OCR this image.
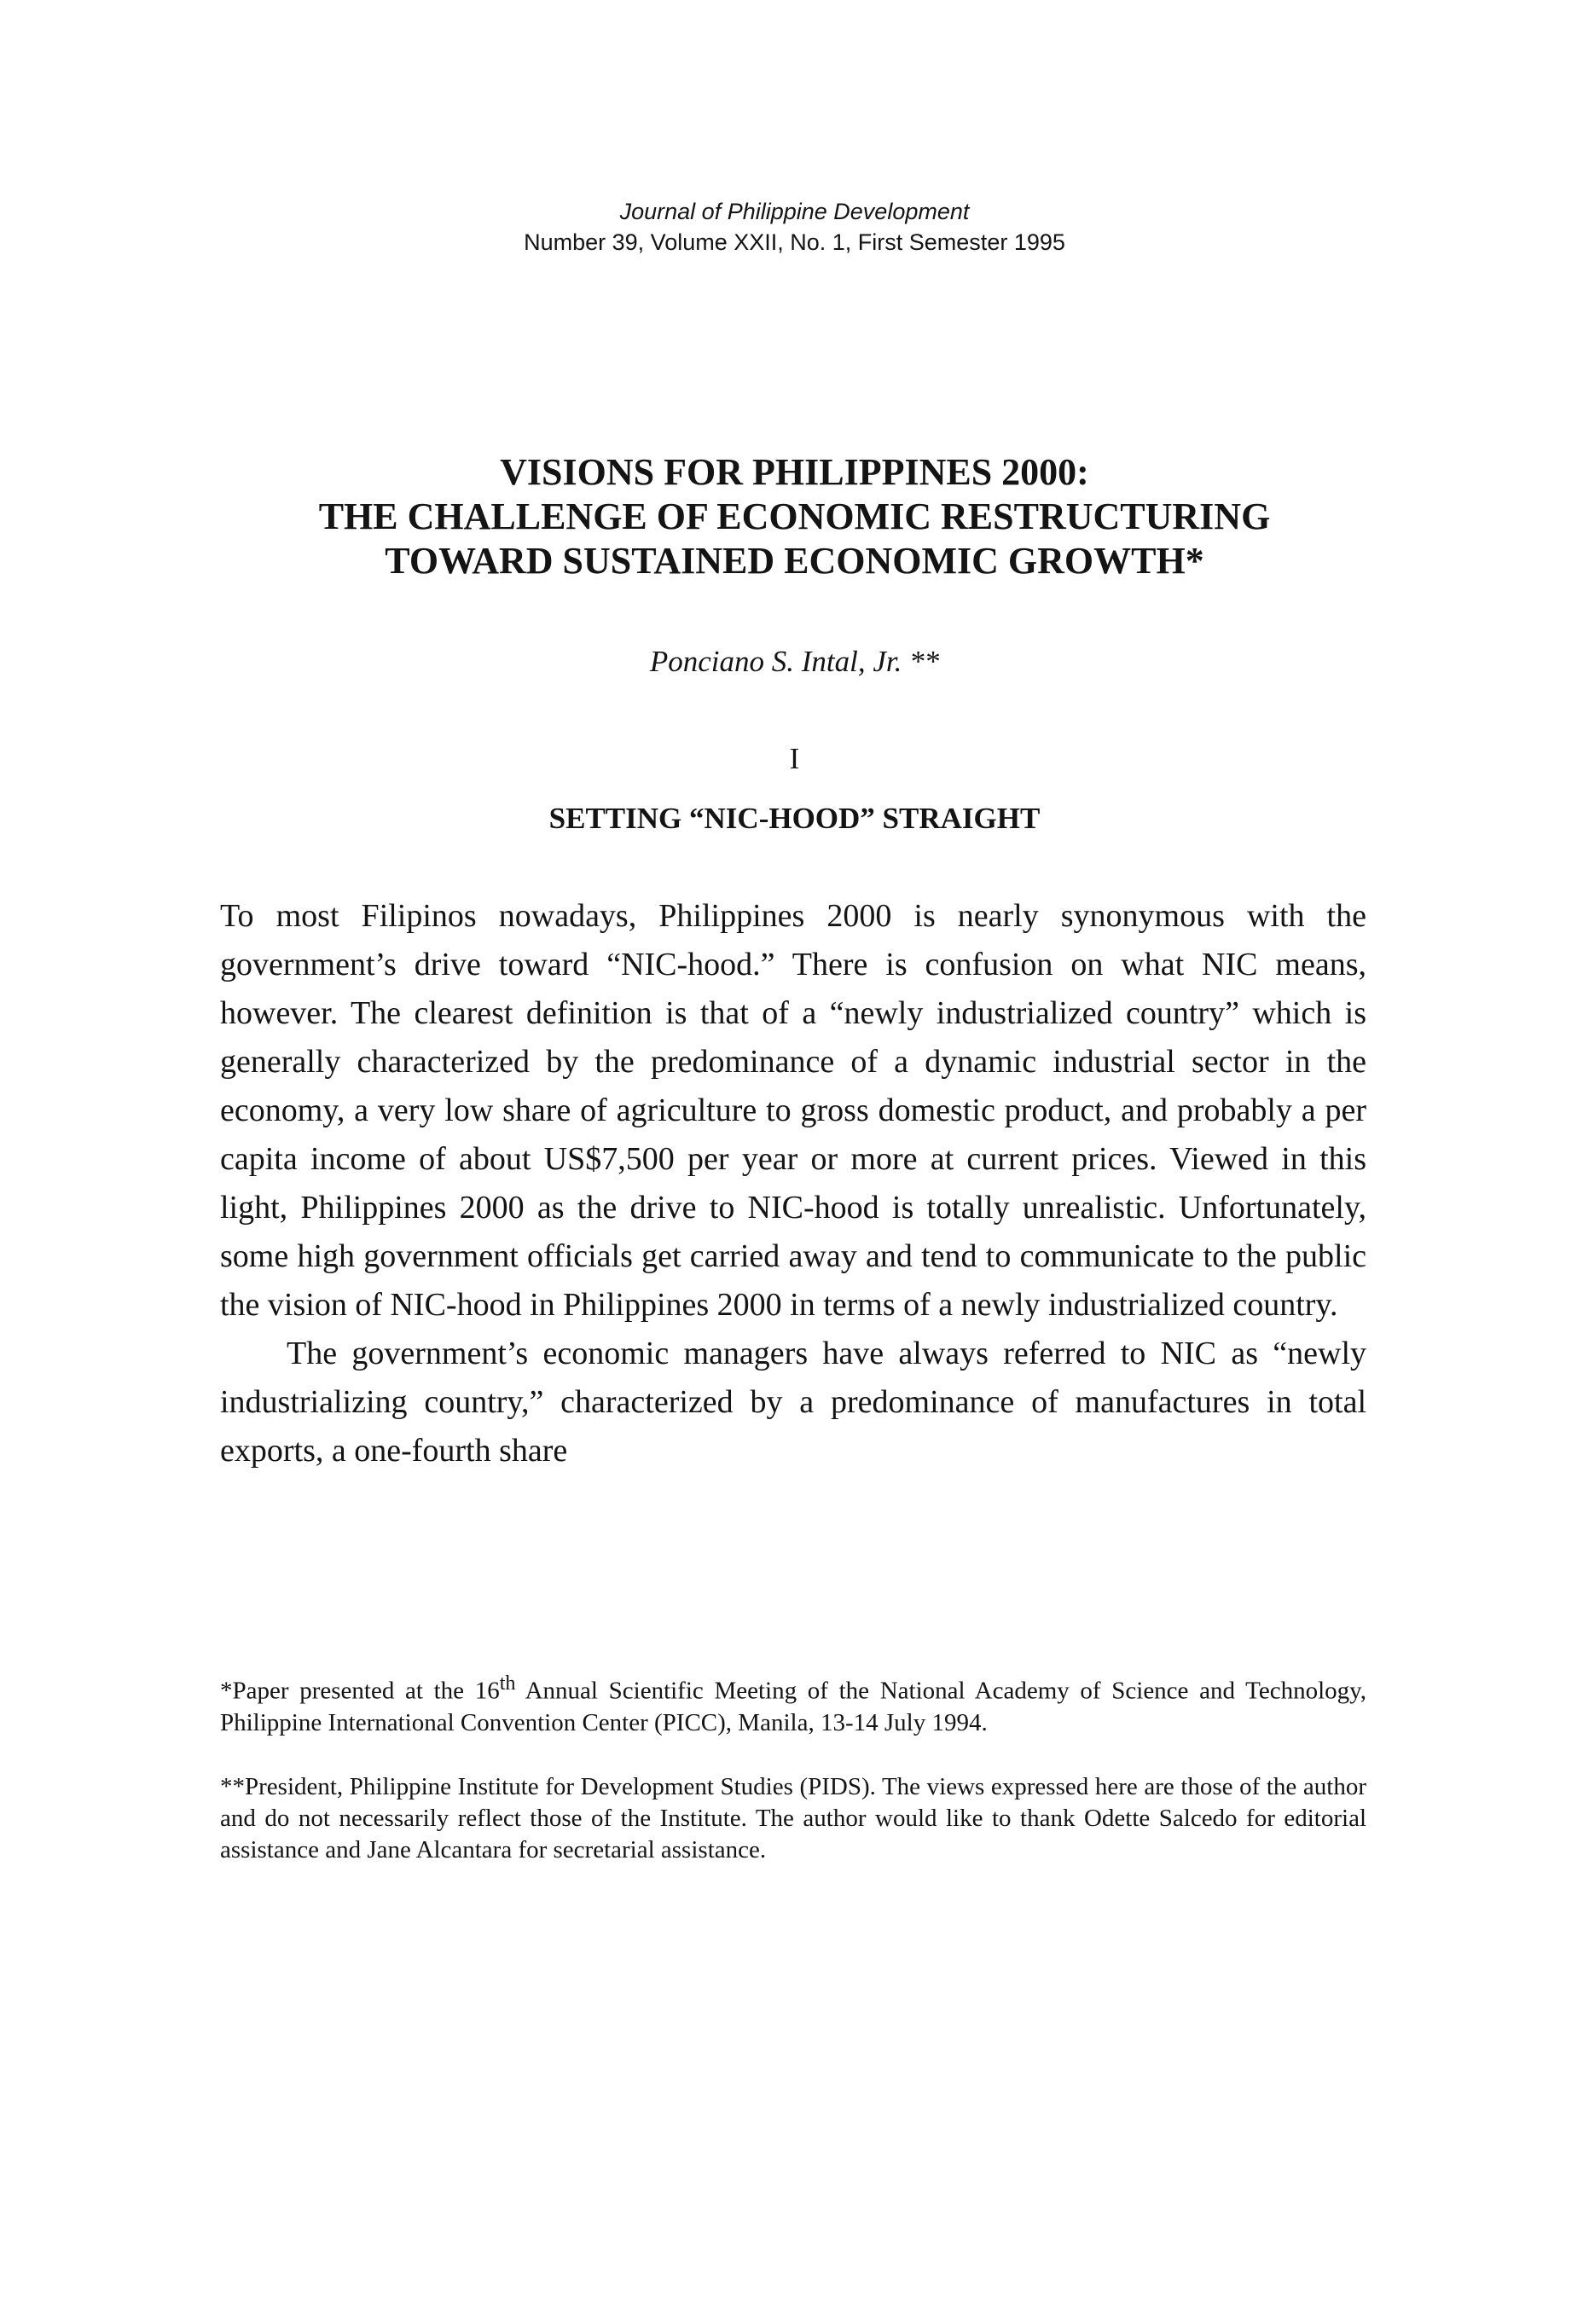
Journal of Philippine Development
Number 39, Volume XXII, No. 1, First Semester 1995
VISIONS FOR PHILIPPINES 2000:
THE CHALLENGE OF ECONOMIC RESTRUCTURING
TOWARD SUSTAINED ECONOMIC GROWTH*
Ponciano S. Intal, Jr. **
I
SETTING “NIC-HOOD” STRAIGHT

To most Filipinos nowadays, Philippines 2000 is nearly synonymous with the government’s drive toward “NIC-hood.” There is confusion on what NIC means, however. The clearest definition is that of a “newly industrialized country” which is generally characterized by the predominance of a dynamic industrial sector in the economy, a very low share of agriculture to gross domestic product, and probably a per capita income of about US$7,500 per year or more at current prices. Viewed in this light, Philippines 2000 as the drive to NIC-hood is totally unrealistic. Unfortunately, some high government officials get carried away and tend to communicate to the public the vision of NIC-hood in Philippines 2000 in terms of a newly industrialized country.

The government’s economic managers have always referred to NIC as “newly industrializing country,” characterized by a predominance of manufactures in total exports, a one-fourth share

*Paper presented at the 16th Annual Scientific Meeting of the National Academy of Science and Technology, Philippine International Convention Center (PICC), Manila, 13-14 July 1994.

**President, Philippine Institute for Development Studies (PIDS). The views expressed here are those of the author and do not necessarily reflect those of the Institute. The author would like to thank Odette Salcedo for editorial assistance and Jane Alcantara for secretarial assistance.
